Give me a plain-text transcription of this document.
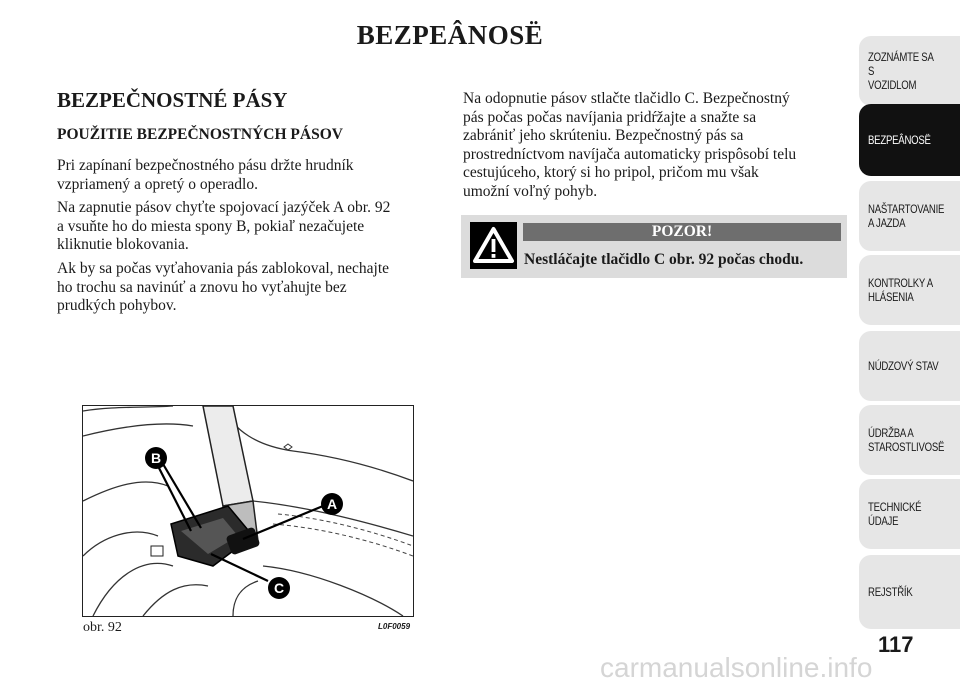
BEZPEÂNOSË
BEZPEČNOSTNÉ PÁSY
POUŽITIE BEZPEČNOSTNÝCH PÁSOV
Pri zapínaní bezpečnostného pásu držte hrudník
vzpriamený a opretý o operadlo.
Na zapnutie pásov chyťte spojovací jazýček A obr. 92
a vsuňte ho do miesta spony B, pokiaľ nezačujete
kliknutie blokovania.
Ak by sa počas vyťahovania pás zablokoval, nechajte
ho trochu sa navinúť a znovu ho vyťahujte bez
prudkých pohybov.
Na odopnutie pásov stlačte tlačidlo C. Bezpečnostný
pás počas počas navíjania pridŕžajte a snažte sa
zabrániť jeho skrúteniu. Bezpečnostný pás sa
prostredníctvom navíjača automaticky prispôsobí telu
cestujúceho, ktorý si ho pripol, pričom mu však
umožní voľný pohyb.
POZOR!
Nestláčajte tlačidlo C obr. 92 počas chodu.
B
A
C
obr. 92	L0F0059
ZOZNÁMTE SA S
VOZIDLOM
BEZPEÂNOSË
NAŠTARTOVANIE
A JAZDA
KONTROLKY A
HLÁSENIA
NÚDZOVÝ STAV
ÚDRŽBA A
STAROSTLIVOSË
TECHNICKÉ
ÚDAJE
REJSTŘÍK
117
carmanualsonline.info
